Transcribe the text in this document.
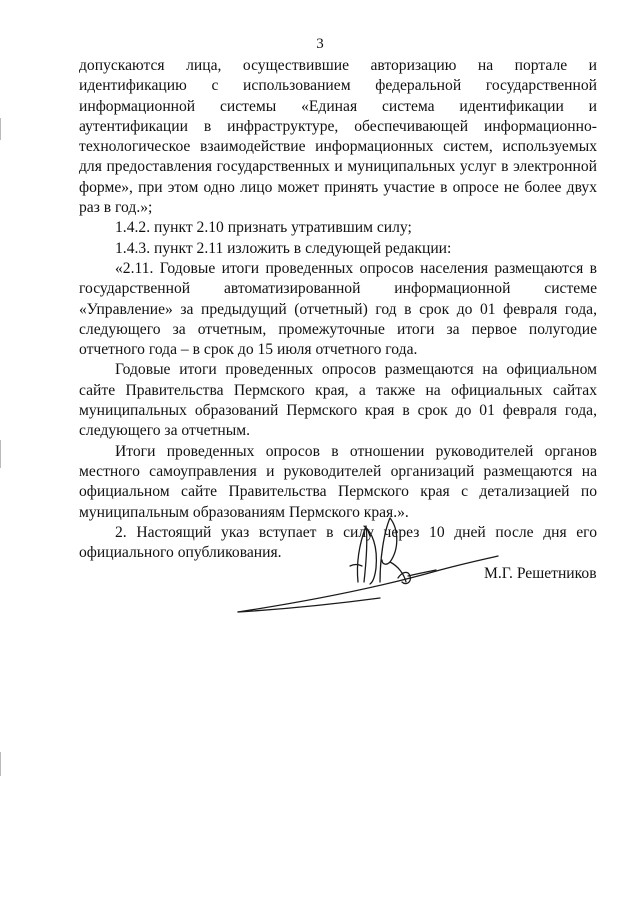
3

допускаются лица, осуществившие авторизацию на портале и идентификацию с использованием федеральной государственной информационной системы «Единая система идентификации и аутентификации в инфраструктуре, обеспечивающей информационно-технологическое взаимодействие информационных систем, используемых для предоставления государственных и муниципальных услуг в электронной форме», при этом одно лицо может принять участие в опросе не более двух раз в год.»;

1.4.2. пункт 2.10 признать утратившим силу;

1.4.3. пункт 2.11 изложить в следующей редакции:

«2.11. Годовые итоги проведенных опросов населения размещаются в государственной автоматизированной информационной системе «Управление» за предыдущий (отчетный) год в срок до 01 февраля года, следующего за отчетным, промежуточные итоги за первое полугодие отчетного года – в срок до 15 июля отчетного года.

Годовые итоги проведенных опросов размещаются на официальном сайте Правительства Пермского края, а также на официальных сайтах муниципальных образований Пермского края в срок до 01 февраля года, следующего за отчетным.

Итоги проведенных опросов в отношении руководителей органов местного самоуправления и руководителей организаций размещаются на официальном сайте Правительства Пермского края с детализацией по муниципальным образованиям Пермского края.».

2. Настоящий указ вступает в силу через 10 дней после дня его официального опубликования.

М.Г. Решетников
